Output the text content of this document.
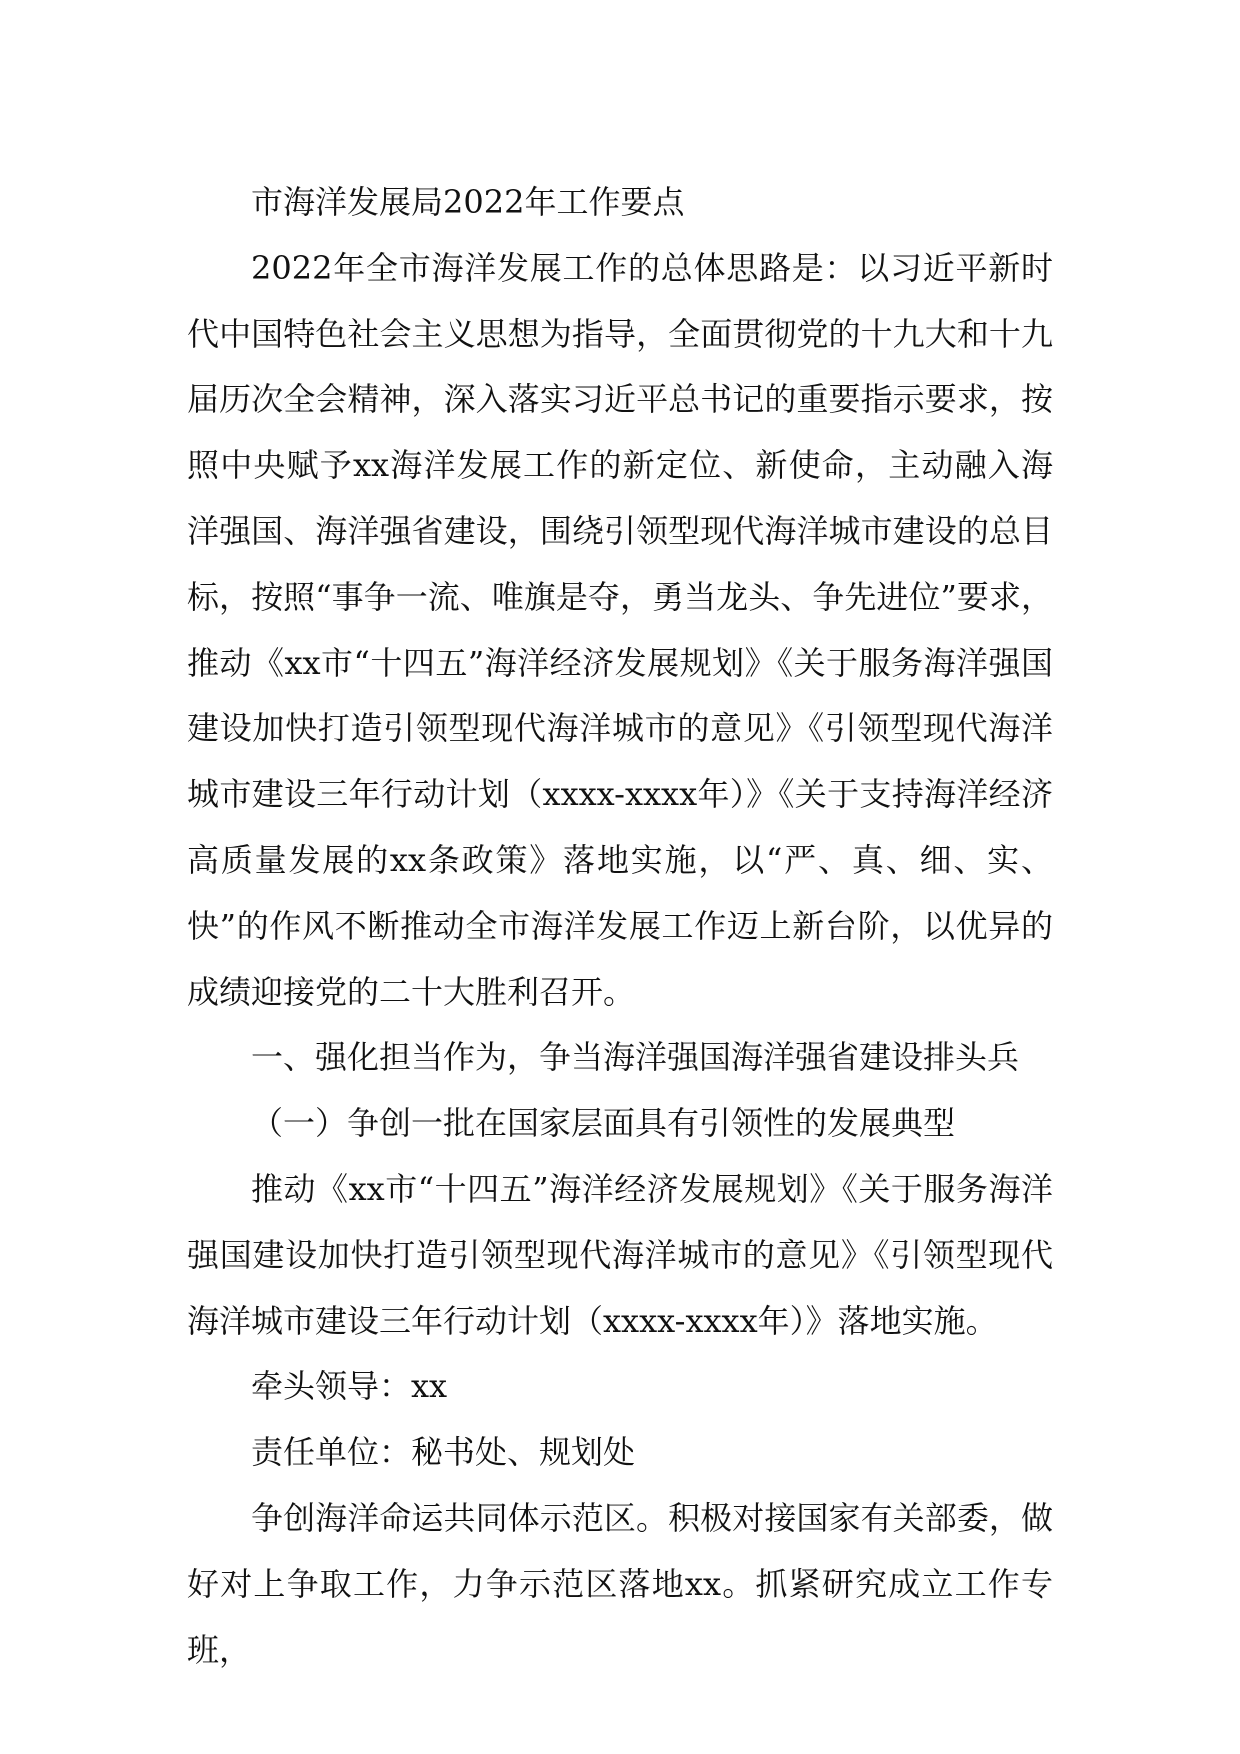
市海洋发展局2022年工作要点

2022年全市海洋发展工作的总体思路是：以习近平新时代中国特色社会主义思想为指导，全面贯彻党的十九大和十九届历次全会精神，深入落实习近平总书记的重要指示要求，按照中央赋予xx海洋发展工作的新定位、新使命，主动融入海洋强国、海洋强省建设，围绕引领型现代海洋城市建设的总目标，按照“事争一流、唯旗是夺，勇当龙头、争先进位”要求，推动《xx市“十四五”海洋经济发展规划》《关于服务海洋强国建设加快打造引领型现代海洋城市的意见》《引领型现代海洋城市建设三年行动计划（xxxx-xxxx年）》《关于支持海洋经济高质量发展的xx条政策》落地实施，以“严、真、细、实、快”的作风不断推动全市海洋发展工作迈上新台阶，以优异的成绩迎接党的二十大胜利召开。

一、强化担当作为，争当海洋强国海洋强省建设排头兵

（一）争创一批在国家层面具有引领性的发展典型

推动《xx市“十四五”海洋经济发展规划》《关于服务海洋强国建设加快打造引领型现代海洋城市的意见》《引领型现代海洋城市建设三年行动计划（xxxx-xxxx年）》落地实施。

牵头领导：xx

责任单位：秘书处、规划处

争创海洋命运共同体示范区。积极对接国家有关部委，做好对上争取工作，力争示范区落地xx。抓紧研究成立工作专班，
